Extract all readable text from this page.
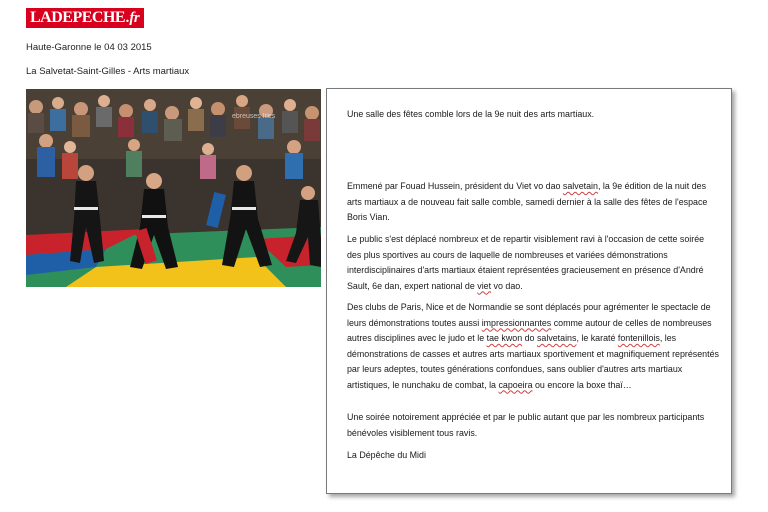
LADEPECHE .fr
Haute-Garonne le 04 03 2015
La Salvetat-Saint-Gilles - Arts martiaux
ebreuses files	Une salle des fêtes comble lors de la 9e nuit des arts martiaux.

Emmené par Fouad Hussein, président du Viet vo dao salvetain, la 9e édition de la nuit des arts martiaux a de nouveau fait salle comble, samedi dernier à la salle des fêtes de l'espace Boris Vian.

Le public s'est déplacé nombreux et de repartir visiblement ravi à l'occasion de cette soirée des plus sportives au cours de laquelle de nombreuses et variées démonstrations interdisciplinaires d'arts martiaux étaient représentées gracieusement en présence d'André Sault, 6e dan, expert national de viet vo dao.

Des clubs de Paris, Nice et de Normandie se sont déplacés pour agrémenter le spectacle de leurs démonstrations toutes aussi impressionnantes comme autour de celles de nombreuses autres disciplines avec le judo et le tae kwon do salvetains, le karaté fontenillois, les démonstrations de casses et autres arts martiaux sportivement et magnifiquement représentés par leurs adeptes, toutes générations confondues, sans oublier d'autres arts martiaux artistiques, le nunchaku de combat, la capoeira ou encore la boxe thaï…

Une soirée notoirement appréciée et par le public autant que par les nombreux participants bénévoles visiblement tous ravis.

La Dépêche du Midi
